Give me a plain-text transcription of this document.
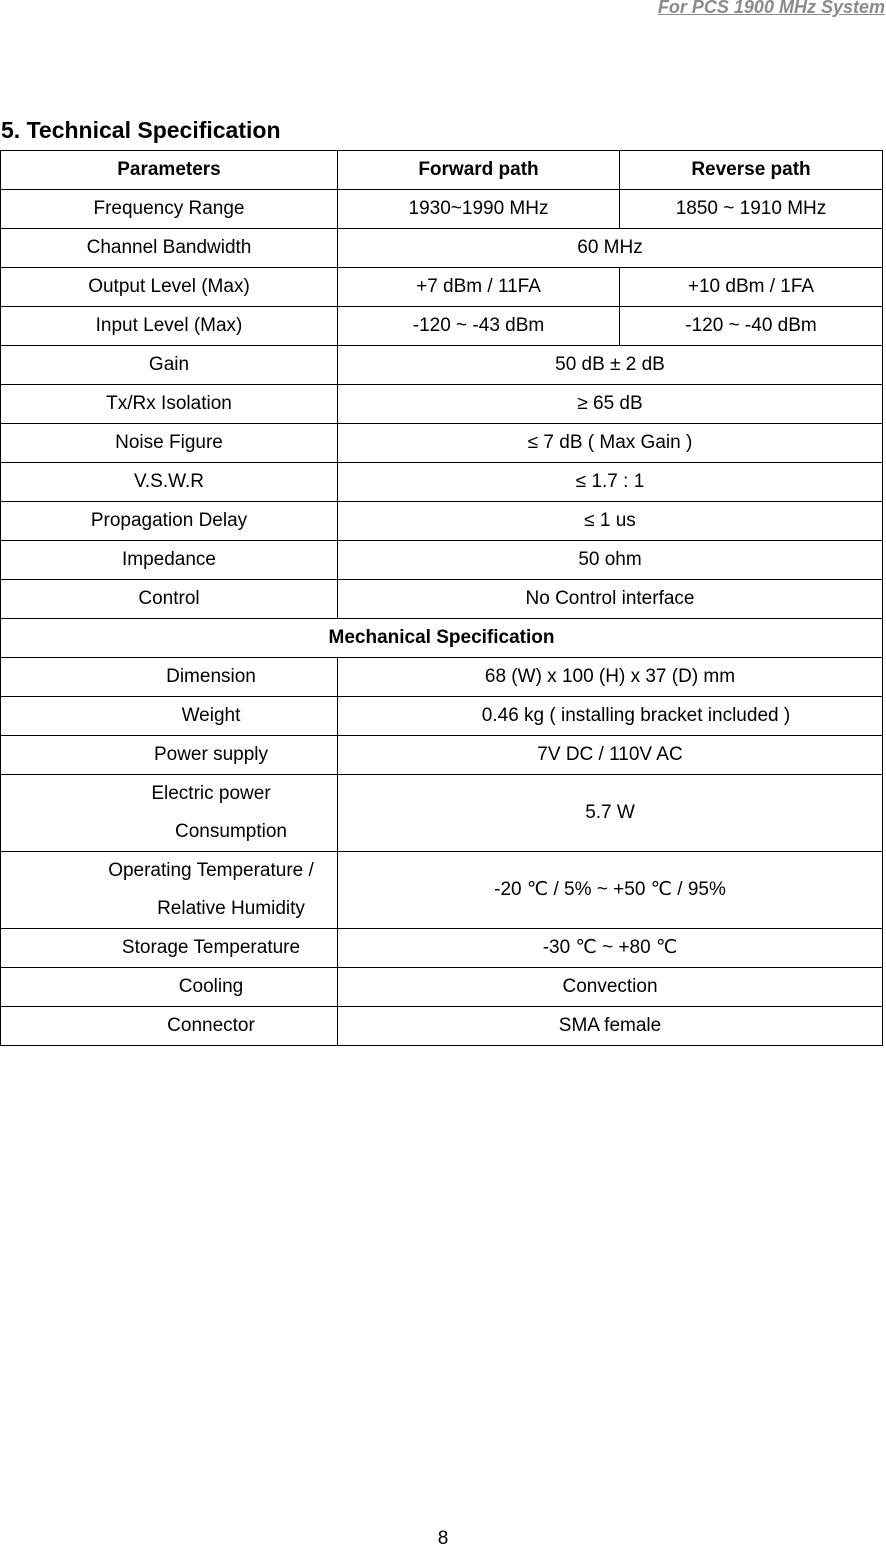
For PCS 1900 MHz System
5. Technical Specification
Parameters	Forward path	Reverse path
Frequency Range	1930~1990 MHz	1850 ~ 1910 MHz
Channel Bandwidth	60 MHz	
Output Level (Max)	+7 dBm / 11FA	+10 dBm / 1FA
Input Level (Max)	-120 ~ -43 dBm	-120 ~ -40 dBm
Gain	50 dB ± 2 dB	
Tx/Rx Isolation	≥ 65 dB	
Noise Figure	≤ 7 dB ( Max Gain )	
V.S.W.R	≤ 1.7 : 1	
Propagation Delay	≤ 1 us	
Impedance	50 ohm	
Control	No Control interface	
Mechanical Specification		
Dimension	68 (W) x 100 (H) x 37 (D) mm	
Weight	0.46 kg ( installing bracket included )	
Power supply	7V DC / 110V AC	
Electric power
Consumption	5.7 W	
Operating Temperature /
Relative Humidity	-20 ℃ / 5% ~ +50 ℃ / 95%	
Storage Temperature	-30 ℃ ~ +80 ℃	
Cooling	Convection	
Connector	SMA female	
8
